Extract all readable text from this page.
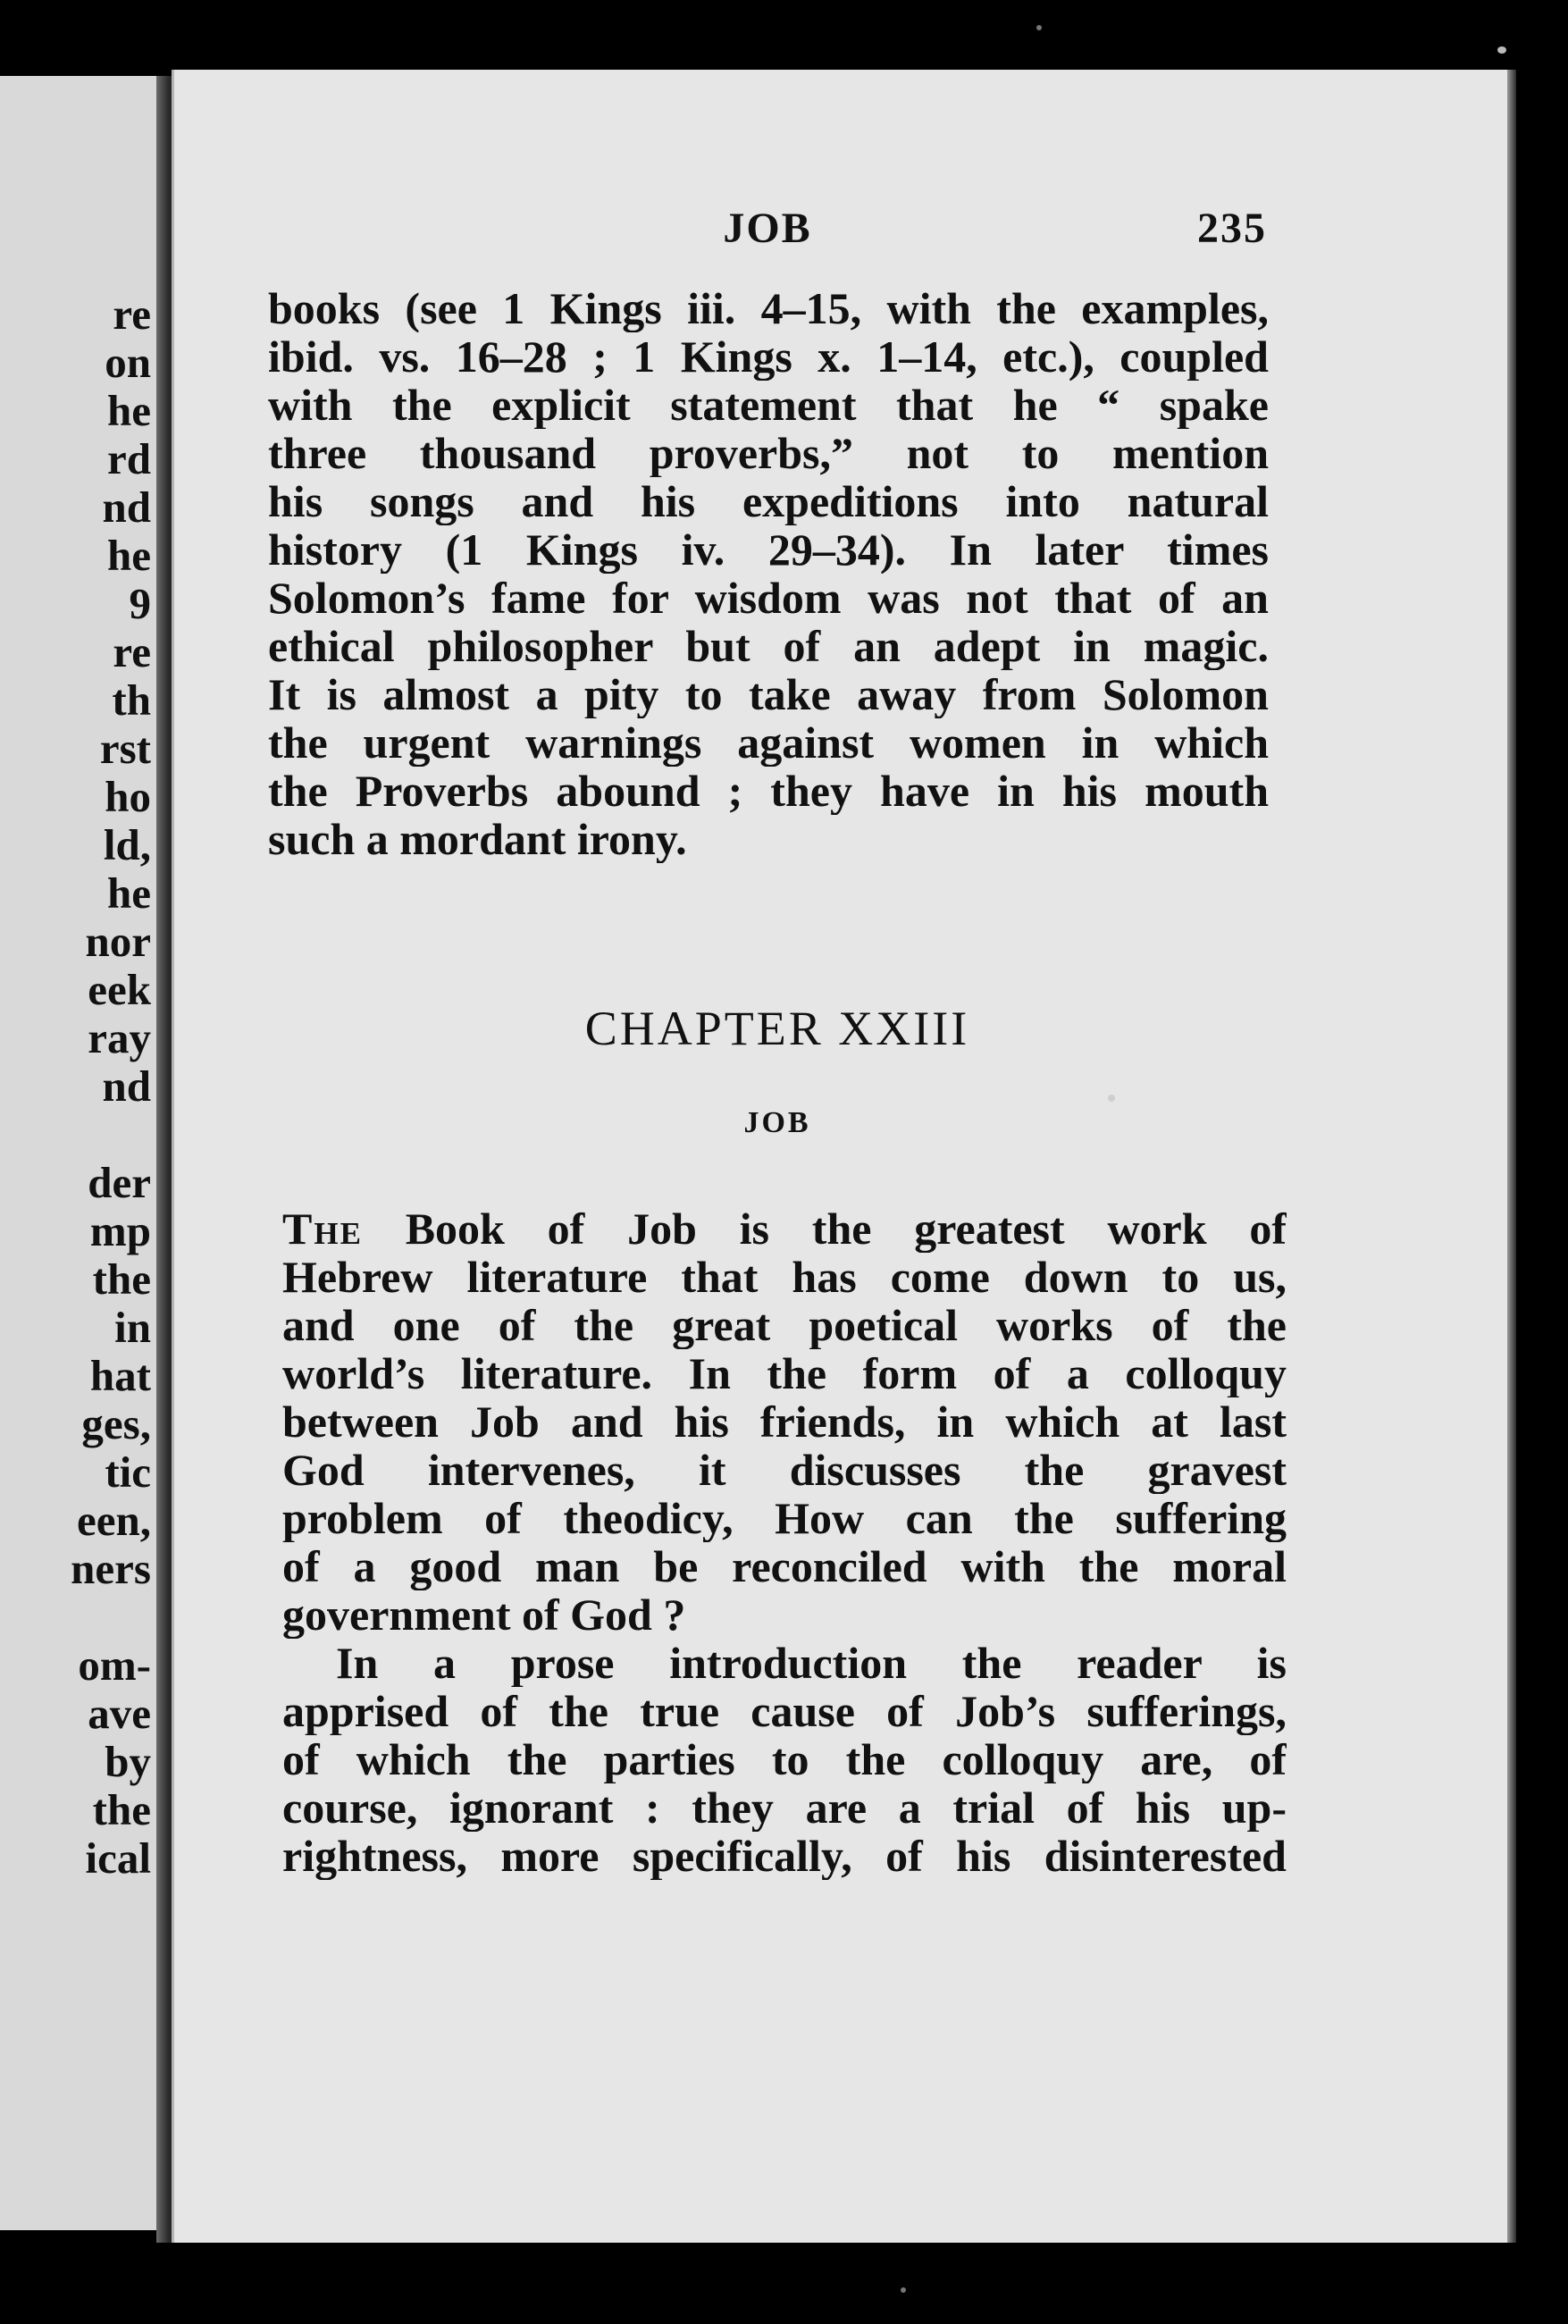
re
on
he
rd
nd
he
9
re
th
rst
ho
ld,
he
nor
eek
ray
nd
der
mp
the
in
hat
ges,
tic
een,
ners
om-
ave
by
the
ical
JOB	235
books (see 1 Kings iii. 4–15, with the examples,
ibid. vs. 16–28 ; 1 Kings x. 1–14, etc.), coupled
with the explicit statement that he “ spake
three thousand proverbs,” not to mention
his songs and his expeditions into natural
history (1 Kings iv. 29–34). In later times
Solomon’s fame for wisdom was not that of an
ethical philosopher but of an adept in magic.
It is almost a pity to take away from Solomon
the urgent warnings against women in which
the Proverbs abound ; they have in his mouth
such a mordant irony.
CHAPTER XXIII
JOB
The Book of Job is the greatest work of
Hebrew literature that has come down to us,
and one of the great poetical works of the
world’s literature. In the form of a colloquy
between Job and his friends, in which at last
God intervenes, it discusses the gravest
problem of theodicy, How can the suffering
of a good man be reconciled with the moral
government of God ?
In a prose introduction the reader is
apprised of the true cause of Job’s sufferings,
of which the parties to the colloquy are, of
course, ignorant : they are a trial of his up-
rightness, more specifically, of his disinterested
